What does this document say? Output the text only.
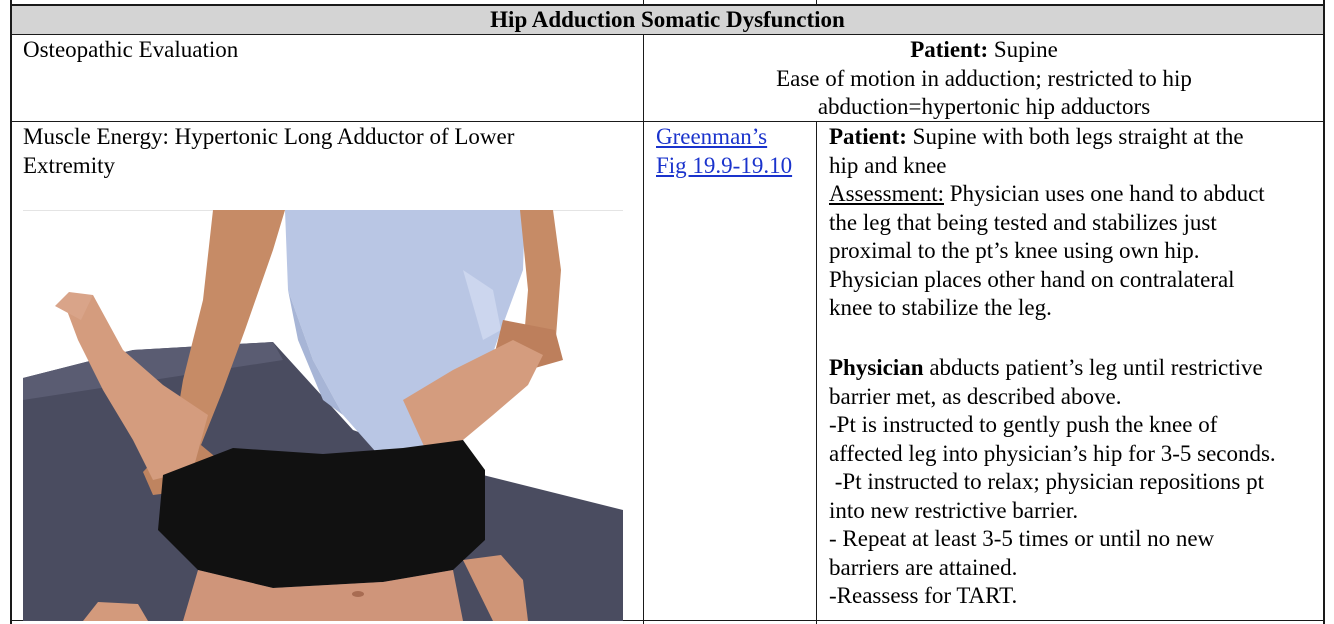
Hip Adduction Somatic Dysfunction
Osteopathic Evaluation	Patient: Supine
Ease of motion in adduction; restricted to hip
abduction=hypertonic hip adductors
Muscle Energy: Hypertonic Long Adductor of Lower
Extremity
Greenman’s
Fig 19.9-19.10
Patient: Supine with both legs straight at the
hip and knee
Assessment: Physician uses one hand to abduct
the leg that being tested and stabilizes just
proximal to the pt’s knee using own hip.
Physician places other hand on contralateral
knee to stabilize the leg.
Physician abducts patient’s leg until restrictive
barrier met, as described above.
-Pt is instructed to gently push the knee of
affected leg into physician’s hip for 3-5 seconds.
-Pt instructed to relax; physician repositions pt
into new restrictive barrier.
- Repeat at least 3-5 times or until no new
barriers are attained.
-Reassess for TART.
